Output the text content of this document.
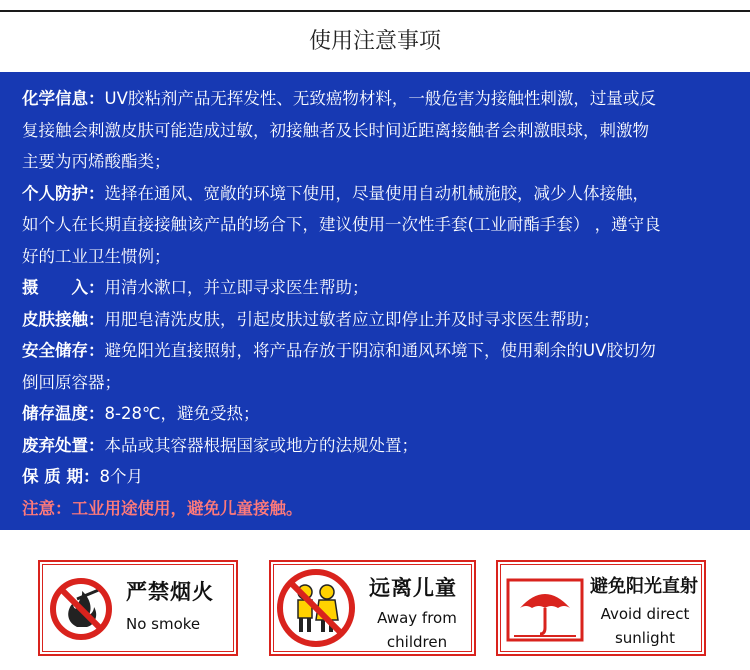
使用注意事项
化学信息：UV胶粘剂产品无挥发性、无致癌物材料，一般危害为接触性刺激，过量或反
复接触会刺激皮肤可能造成过敏，初接触者及长时间近距离接触者会刺激眼球，刺激物
主要为丙烯酸酯类；
个人防护：选择在通风、宽敞的环境下使用，尽量使用自动机械施胶，减少人体接触，
如个人在长期直接接触该产品的场合下，建议使用一次性手套(工业耐酯手套） ，遵守良
好的工业卫生惯例；
摄　　入：用清水漱口，并立即寻求医生帮助；
皮肤接触：用肥皂清洗皮肤，引起皮肤过敏者应立即停止并及时寻求医生帮助；
安全储存：避免阳光直接照射，将产品存放于阴凉和通风环境下，使用剩余的UV胶切勿
倒回原容器；
储存温度：8-28℃，避免受热；
废弃处置：本品或其容器根据国家或地方的法规处置；
保 质 期：8个月
注意：工业用途使用，避免儿童接触。
严禁烟火
No smoke
远离儿童
Away from
children
避免阳光直射
Avoid direct
sunlight
